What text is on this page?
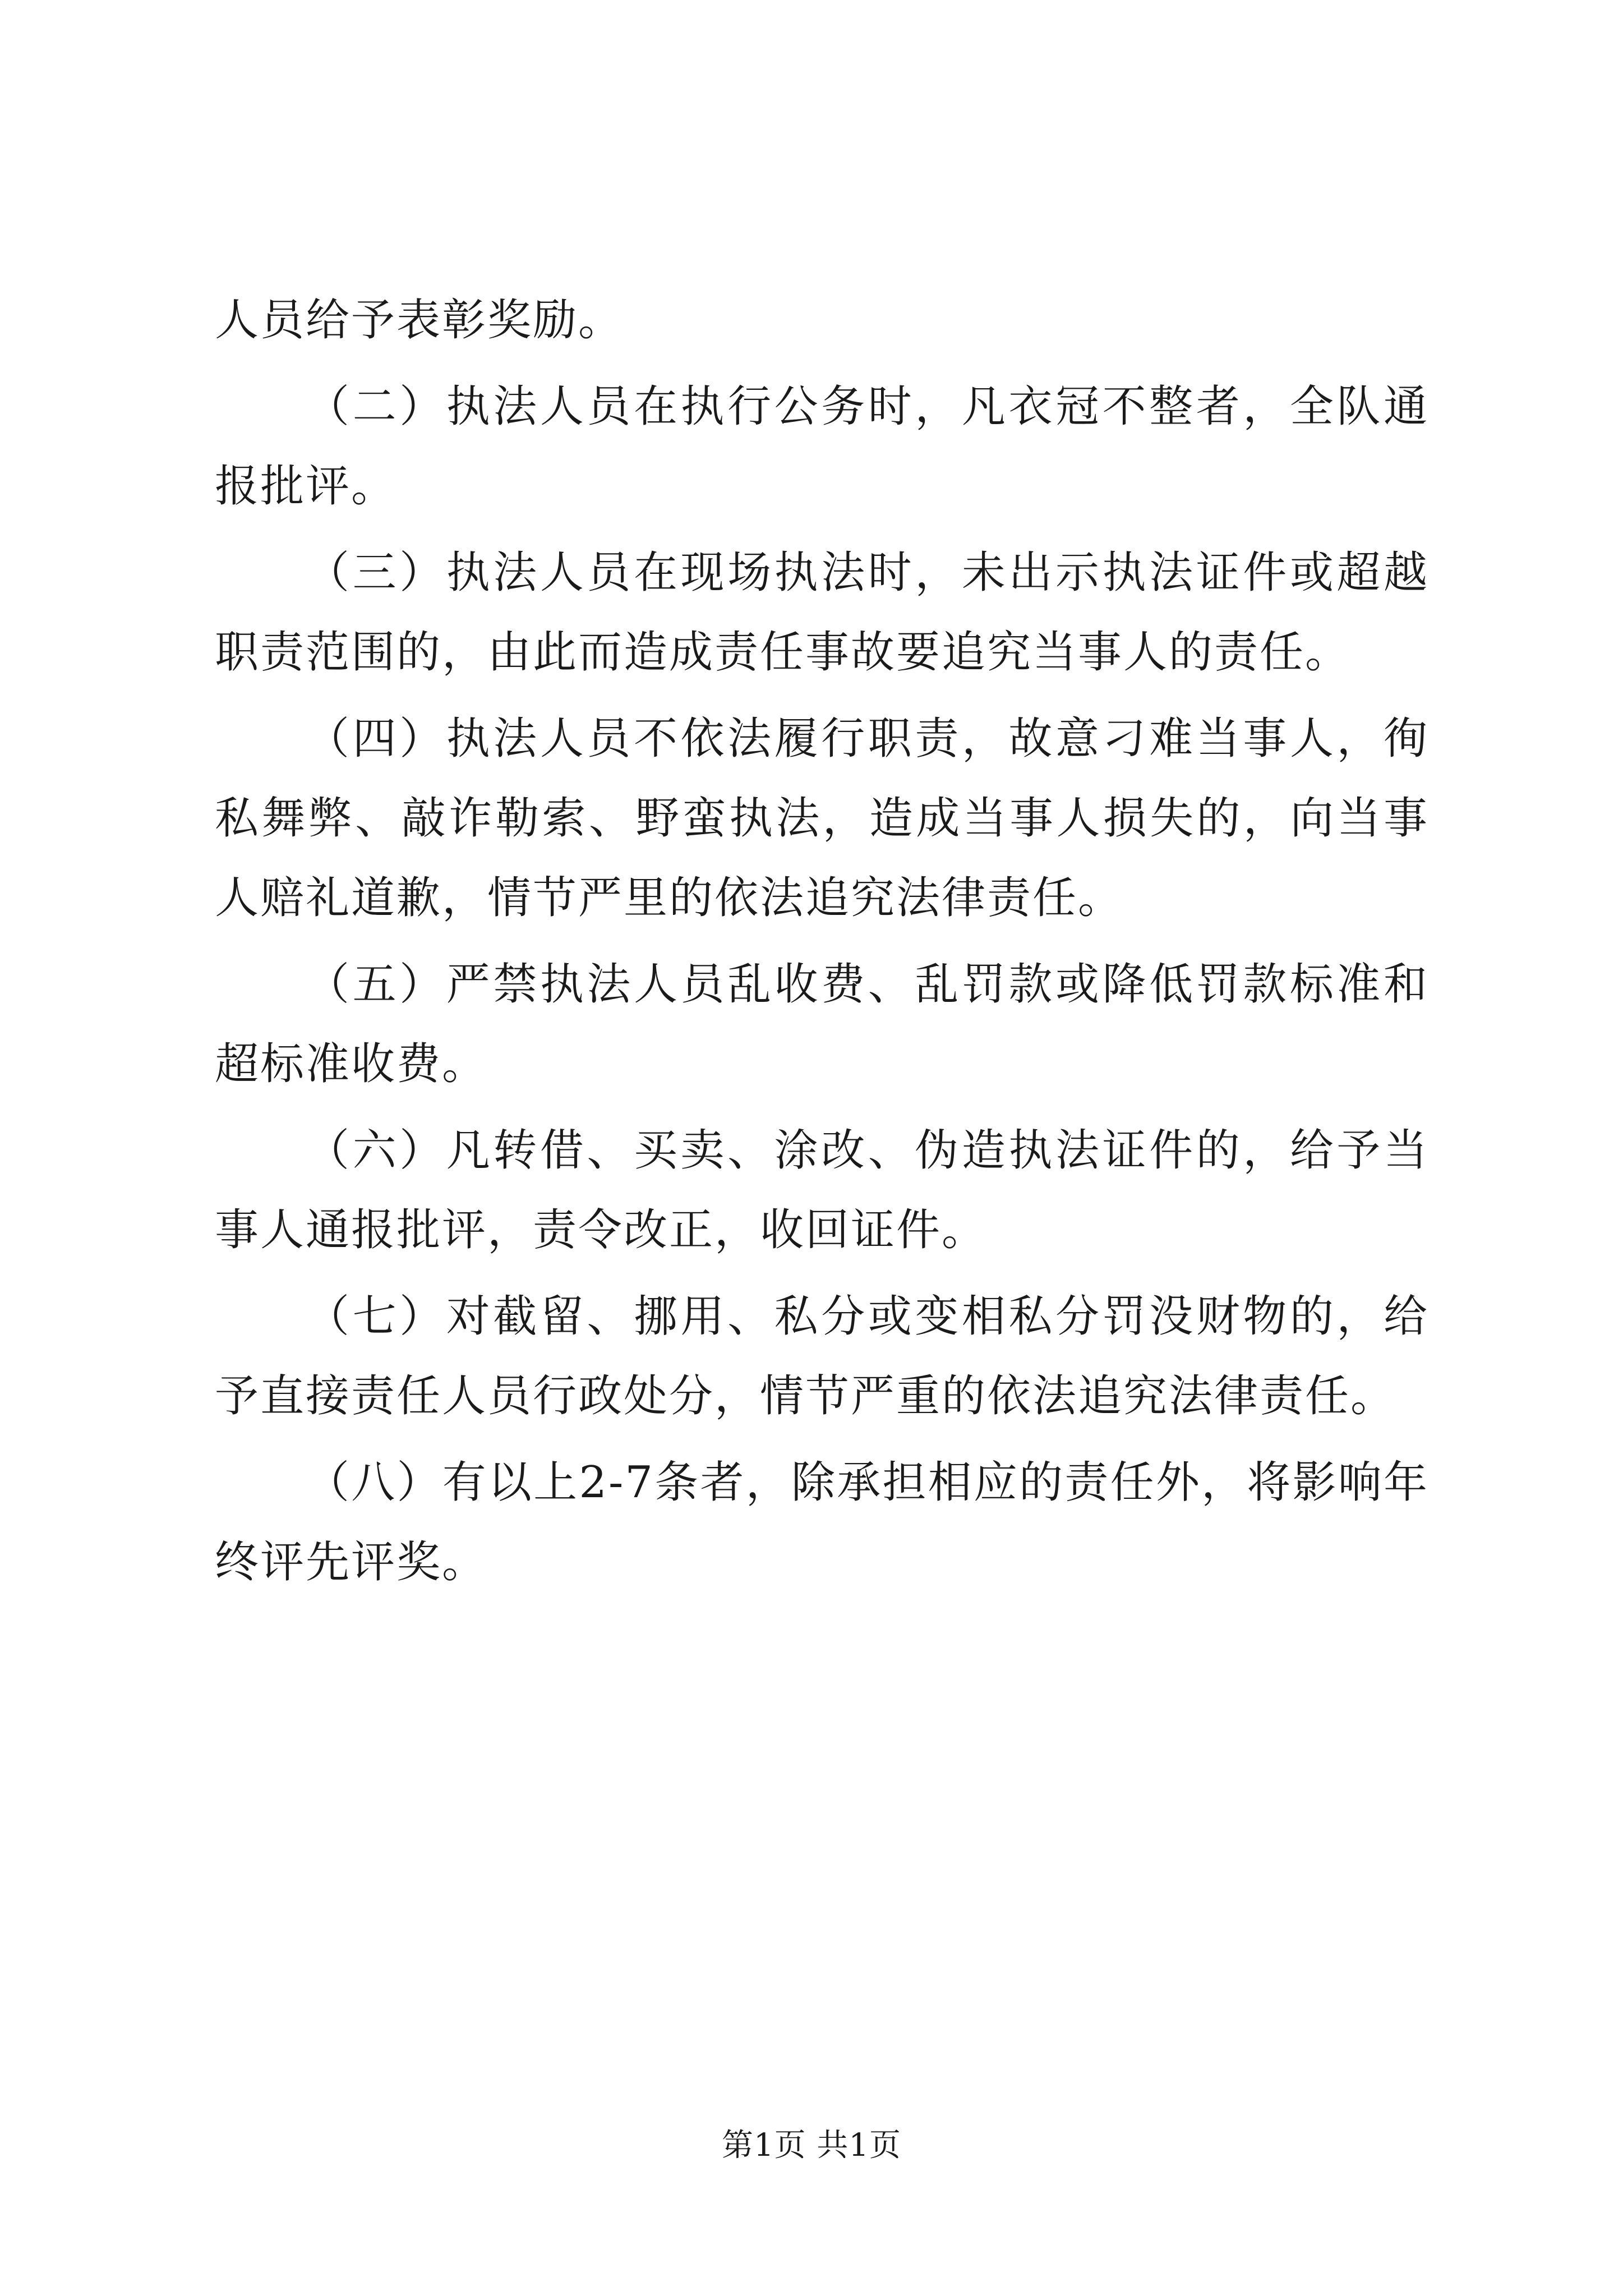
人员给予表彰奖励。

（二）执法人员在执行公务时，凡衣冠不整者，全队通报批评。

（三）执法人员在现场执法时，未出示执法证件或超越职责范围的，由此而造成责任事故要追究当事人的责任。

（四）执法人员不依法履行职责，故意刁难当事人，徇私舞弊、敲诈勒索、野蛮执法，造成当事人损失的，向当事人赔礼道歉，情节严里的依法追究法律责任。

（五）严禁执法人员乱收费、乱罚款或降低罚款标准和超标准收费。

（六）凡转借、买卖、涂改、伪造执法证件的，给予当事人通报批评，责令改正，收回证件。

（七）对截留、挪用、私分或变相私分罚没财物的，给予直接责任人员行政处分，情节严重的依法追究法律责任。

（八）有以上2-7条者，除承担相应的责任外，将影响年终评先评奖。

第1页 共1页
